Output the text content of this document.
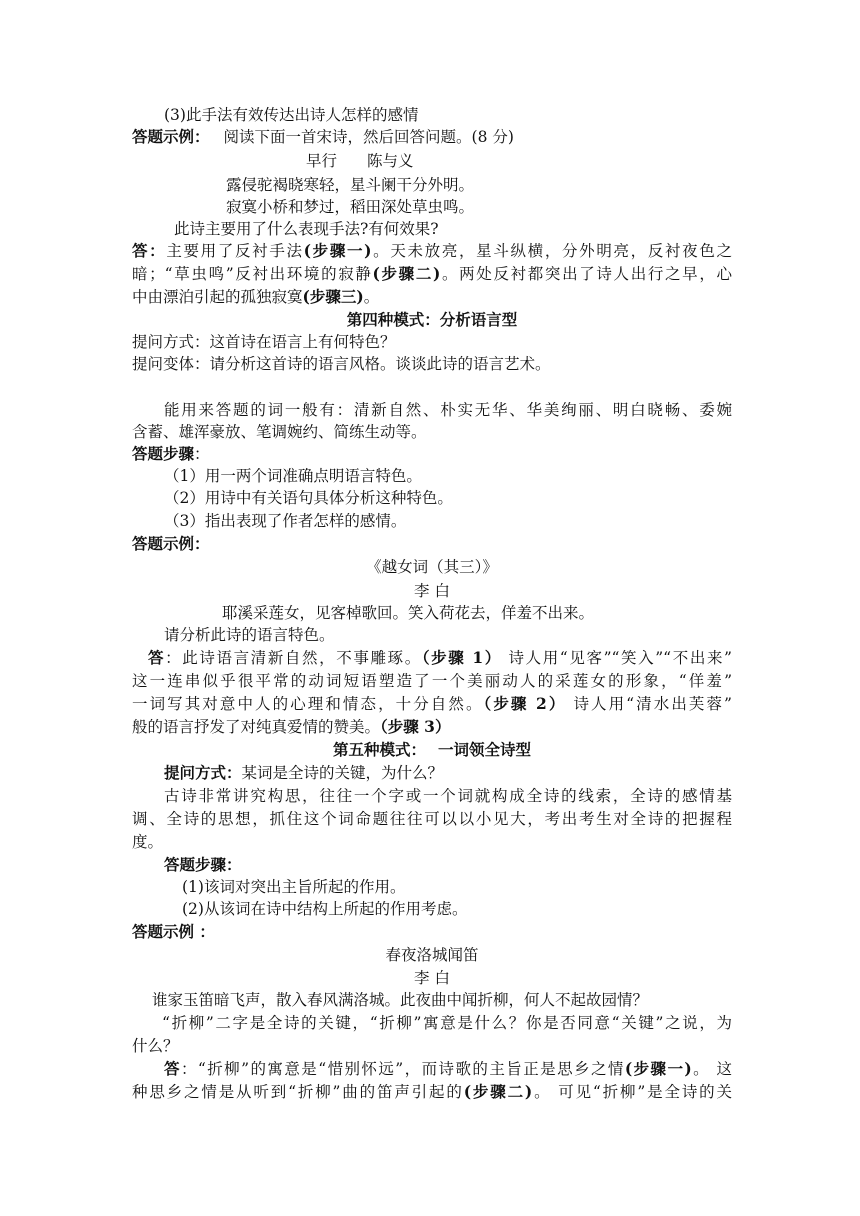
(3)此手法有效传达出诗人怎样的感情
答题示例： 阅读下面一首宋诗，然后回答问题。(8 分)
早行 陈与义
露侵驼褐晓寒轻，星斗阑干分外明。
寂寞小桥和梦过，稻田深处草虫鸣。
此诗主要用了什么表现手法?有何效果?
答：主要用了反衬手法(步骤一)。天未放亮，星斗纵横，分外明亮，反衬夜色之
暗；“草虫鸣”反衬出环境的寂静(步骤二)。两处反衬都突出了诗人出行之早，心
中由漂泊引起的孤独寂寞(步骤三)。
第四种模式：分析语言型
提问方式：这首诗在语言上有何特色？
提问变体：请分析这首诗的语言风格。谈谈此诗的语言艺术。
能用来答题的词一般有：清新自然、朴实无华、华美绚丽、明白晓畅、委婉
含蓄、雄浑豪放、笔调婉约、简练生动等。
答题步骤：
（1）用一两个词准确点明语言特色。
（2）用诗中有关语句具体分析这种特色。
（3）指出表现了作者怎样的感情。
答题示例：
《越女词（其三）》
李 白
耶溪采莲女，见客棹歌回。笑入荷花去，佯羞不出来。
请分析此诗的语言特色。
答：此诗语言清新自然，不事雕琢。（步骤 1） 诗人用“见客”“笑入”“不出来”
这一连串似乎很平常的动词短语塑造了一个美丽动人的采莲女的形象，“佯羞”
一词写其对意中人的心理和情态，十分自然。（步骤 2） 诗人用“清水出芙蓉”
般的语言抒发了对纯真爱情的赞美。（步骤 3）
第五种模式： 一词领全诗型
提问方式：某词是全诗的关键，为什么？
古诗非常讲究构思，往往一个字或一个词就构成全诗的线索，全诗的感情基
调、全诗的思想，抓住这个词命题往往可以以小见大，考出考生对全诗的把握程
度。
答题步骤：
(1)该词对突出主旨所起的作用。
(2)从该词在诗中结构上所起的作用考虑。
答题示例 ：
春夜洛城闻笛
李 白
谁家玉笛暗飞声，散入春风满洛城。此夜曲中闻折柳，何人不起故园情？
“折柳”二字是全诗的关键，“折柳”寓意是什么？你是否同意“关键”之说，为
什么？
答：“折柳”的寓意是“惜别怀远”，而诗歌的主旨正是思乡之情(步骤一)。 这
种思乡之情是从听到“折柳”曲的笛声引起的(步骤二)。 可见“折柳”是全诗的关
